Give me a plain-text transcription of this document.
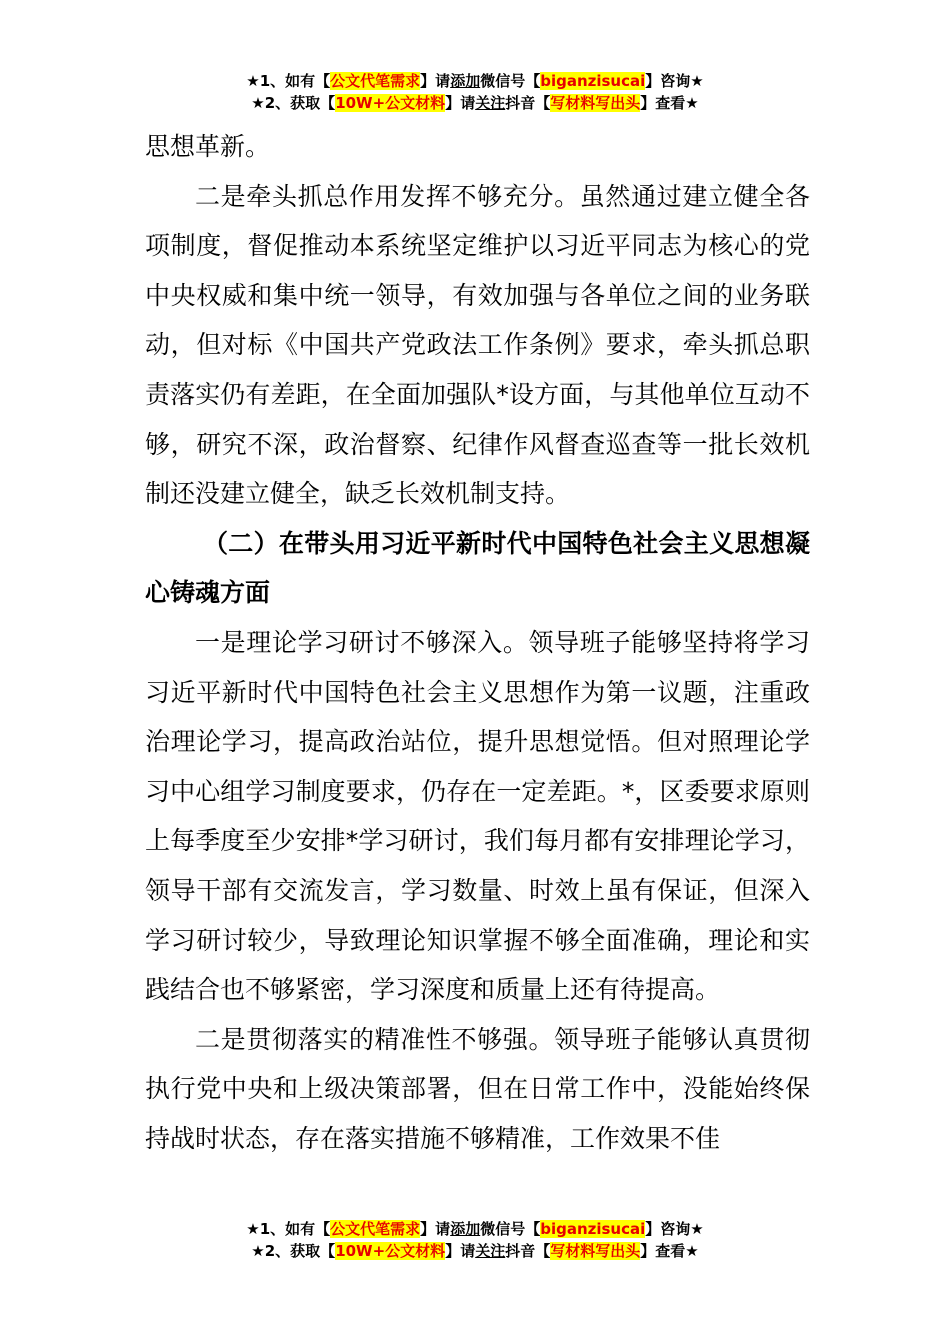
★1、如有【公文代笔需求】请添加微信号【biganzisucai】咨询★
★2、获取【10W+公文材料】请关注抖音【写材料写出头】查看★

思想革新。

二是牵头抓总作用发挥不够充分。虽然通过建立健全各项制度，督促推动本系统坚定维护以习近平同志为核心的党中央权威和集中统一领导，有效加强与各单位之间的业务联动，但对标《中国共产党政法工作条例》要求，牵头抓总职责落实仍有差距，在全面加强队*设方面，与其他单位互动不够，研究不深，政治督察、纪律作风督查巡查等一批长效机制还没建立健全，缺乏长效机制支持。

（二）在带头用习近平新时代中国特色社会主义思想凝心铸魂方面

一是理论学习研讨不够深入。领导班子能够坚持将学习习近平新时代中国特色社会主义思想作为第一议题，注重政治理论学习，提高政治站位，提升思想觉悟。但对照理论学习中心组学习制度要求，仍存在一定差距。*，区委要求原则上每季度至少安排*学习研讨，我们每月都有安排理论学习，领导干部有交流发言，学习数量、时效上虽有保证，但深入学习研讨较少，导致理论知识掌握不够全面准确，理论和实践结合也不够紧密，学习深度和质量上还有待提高。

二是贯彻落实的精准性不够强。领导班子能够认真贯彻执行党中央和上级决策部署，但在日常工作中，没能始终保持战时状态，存在落实措施不够精准，工作效果不佳

★1、如有【公文代笔需求】请添加微信号【biganzisucai】咨询★
★2、获取【10W+公文材料】请关注抖音【写材料写出头】查看★
